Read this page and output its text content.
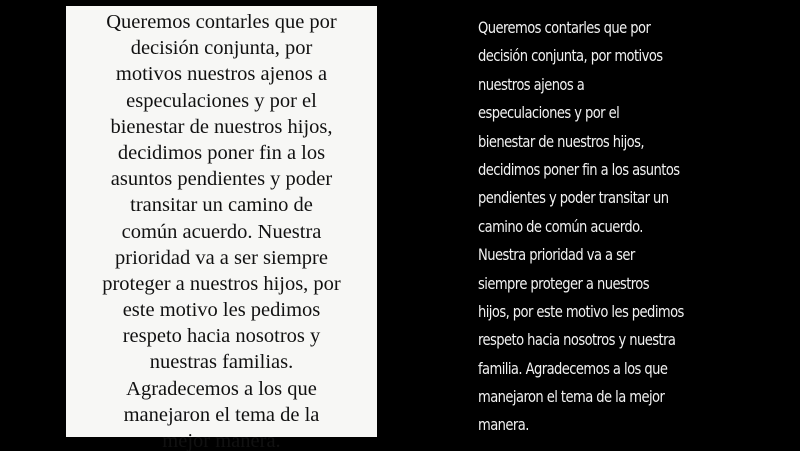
Queremos contarles que por
decisión conjunta, por
motivos nuestros ajenos a
especulaciones y por el
bienestar de nuestros hijos,
decidimos poner fin a los
asuntos pendientes y poder
transitar un camino de
común acuerdo. Nuestra
prioridad va a ser siempre
proteger a nuestros hijos, por
este motivo les pedimos
respeto hacia nosotros y
nuestras familias.
Agradecemos a los que
manejaron el tema de la
mejor manera.
Queremos contarles que por
decisión conjunta, por motivos
nuestros ajenos a
especulaciones y por el
bienestar de nuestros hijos,
decidimos poner fin a los asuntos
pendientes y poder transitar un
camino de común acuerdo.
Nuestra prioridad va a ser
siempre proteger a nuestros
hijos, por este motivo les pedimos
respeto hacia nosotros y nuestra
familia. Agradecemos a los que
manejaron el tema de la mejor
manera.
